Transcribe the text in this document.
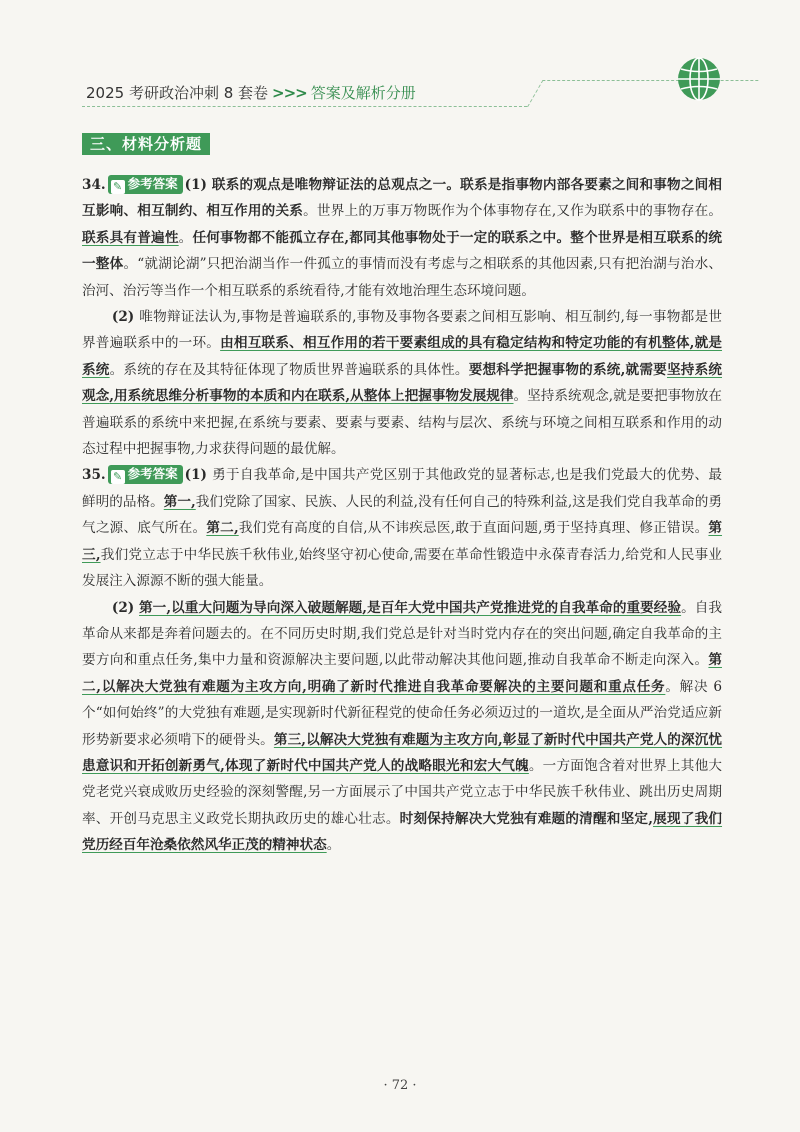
2025 考研政治冲刺 8 套卷 >>> 答案及解析分册
三、材料分析题

34. ✎ 参考答案 (1) 联系的观点是唯物辩证法的总观点之一。联系是指事物内部各要素之间和事物之间相互影响、相互制约、相互作用的关系。世界上的万事万物既作为个体事物存在,又作为联系中的事物存在。联系具有普遍性。任何事物都不能孤立存在,都同其他事物处于一定的联系之中。整个世界是相互联系的统一整体。“就湖论湖”只把治湖当作一件孤立的事情而没有考虑与之相联系的其他因素,只有把治湖与治水、治河、治污等当作一个相互联系的系统看待,才能有效地治理生态环境问题。

(2) 唯物辩证法认为,事物是普遍联系的,事物及事物各要素之间相互影响、相互制约,每一事物都是世界普遍联系中的一环。由相互联系、相互作用的若干要素组成的具有稳定结构和特定功能的有机整体,就是系统。系统的存在及其特征体现了物质世界普遍联系的具体性。要想科学把握事物的系统,就需要坚持系统观念,用系统思维分析事物的本质和内在联系,从整体上把握事物发展规律。坚持系统观念,就是要把事物放在普遍联系的系统中来把握,在系统与要素、要素与要素、结构与层次、系统与环境之间相互联系和作用的动态过程中把握事物,力求获得问题的最优解。

35. ✎ 参考答案 (1) 勇于自我革命,是中国共产党区别于其他政党的显著标志,也是我们党最大的优势、最鲜明的品格。第一,我们党除了国家、民族、人民的利益,没有任何自己的特殊利益,这是我们党自我革命的勇气之源、底气所在。第二,我们党有高度的自信,从不讳疾忌医,敢于直面问题,勇于坚持真理、修正错误。第三,我们党立志于中华民族千秋伟业,始终坚守初心使命,需要在革命性锻造中永葆青春活力,给党和人民事业发展注入源源不断的强大能量。

(2) 第一,以重大问题为导向深入破题解题,是百年大党中国共产党推进党的自我革命的重要经验。自我革命从来都是奔着问题去的。在不同历史时期,我们党总是针对当时党内存在的突出问题,确定自我革命的主要方向和重点任务,集中力量和资源解决主要问题,以此带动解决其他问题,推动自我革命不断走向深入。第二,以解决大党独有难题为主攻方向,明确了新时代推进自我革命要解决的主要问题和重点任务。解决 6 个“如何始终”的大党独有难题,是实现新时代新征程党的使命任务必须迈过的一道坎,是全面从严治党适应新形势新要求必须啃下的硬骨头。第三,以解决大党独有难题为主攻方向,彰显了新时代中国共产党人的深沉忧患意识和开拓创新勇气,体现了新时代中国共产党人的战略眼光和宏大气魄。一方面饱含着对世界上其他大党老党兴衰成败历史经验的深刻警醒,另一方面展示了中国共产党立志于中华民族千秋伟业、跳出历史周期率、开创马克思主义政党长期执政历史的雄心壮志。时刻保持解决大党独有难题的清醒和坚定,展现了我们党历经百年沧桑依然风华正茂的精神状态。

· 72 ·
